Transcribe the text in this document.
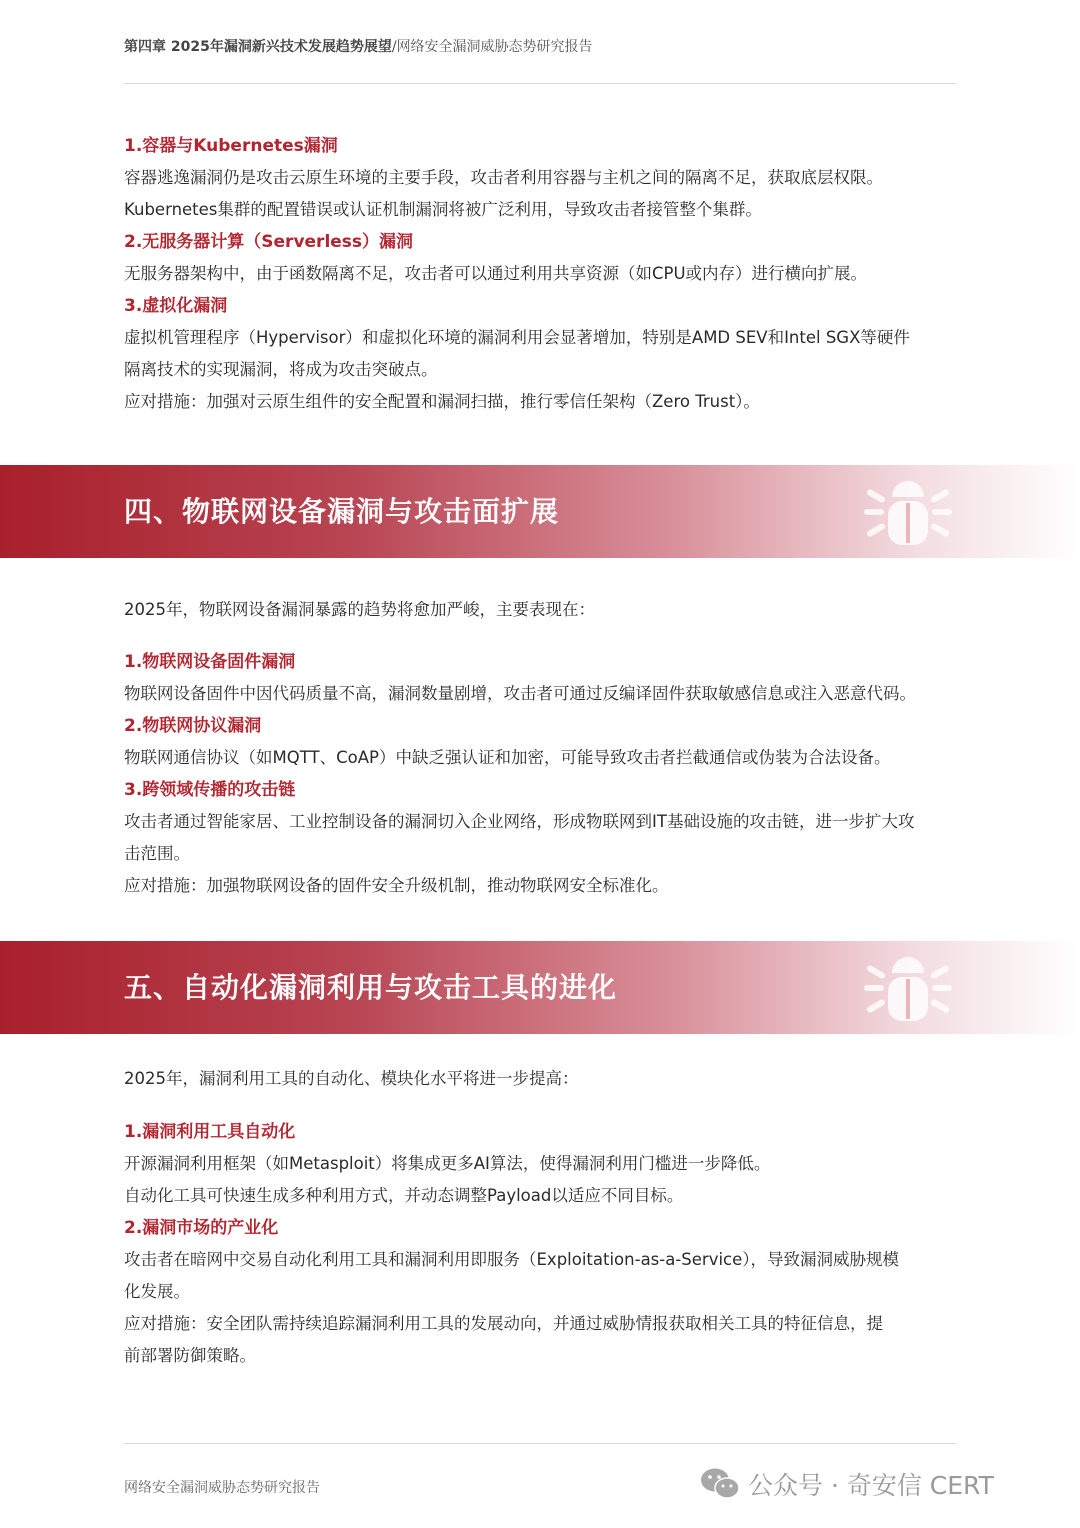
第四章 2025年漏洞新兴技术发展趋势展望/网络安全漏洞威胁态势研究报告
1.容器与Kubernetes漏洞
容器逃逸漏洞仍是攻击云原生环境的主要手段，攻击者利用容器与主机之间的隔离不足，获取底层权限。
Kubernetes集群的配置错误或认证机制漏洞将被广泛利用，导致攻击者接管整个集群。
2.无服务器计算（Serverless）漏洞
无服务器架构中，由于函数隔离不足，攻击者可以通过利用共享资源（如CPU或内存）进行横向扩展。
3.虚拟化漏洞
虚拟机管理程序（Hypervisor）和虚拟化环境的漏洞利用会显著增加，特别是AMD SEV和Intel SGX等硬件
隔离技术的实现漏洞，将成为攻击突破点。
应对措施：加强对云原生组件的安全配置和漏洞扫描，推行零信任架构（Zero Trust）。
四、物联网设备漏洞与攻击面扩展
2025年，物联网设备漏洞暴露的趋势将愈加严峻，主要表现在：
1.物联网设备固件漏洞
物联网设备固件中因代码质量不高，漏洞数量剧增，攻击者可通过反编译固件获取敏感信息或注入恶意代码。
2.物联网协议漏洞
物联网通信协议（如MQTT、CoAP）中缺乏强认证和加密，可能导致攻击者拦截通信或伪装为合法设备。
3.跨领域传播的攻击链
攻击者通过智能家居、工业控制设备的漏洞切入企业网络，形成物联网到IT基础设施的攻击链，进一步扩大攻
击范围。
应对措施：加强物联网设备的固件安全升级机制，推动物联网安全标准化。
五、自动化漏洞利用与攻击工具的进化
2025年，漏洞利用工具的自动化、模块化水平将进一步提高：
1.漏洞利用工具自动化
开源漏洞利用框架（如Metasploit）将集成更多AI算法，使得漏洞利用门槛进一步降低。
自动化工具可快速生成多种利用方式，并动态调整Payload以适应不同目标。
2.漏洞市场的产业化
攻击者在暗网中交易自动化利用工具和漏洞利用即服务（Exploitation-as-a-Service），导致漏洞威胁规模
化发展。
应对措施：安全团队需持续追踪漏洞利用工具的发展动向，并通过威胁情报获取相关工具的特征信息，提
前部署防御策略。
网络安全漏洞威胁态势研究报告	公众号 · 奇安信 CERT
